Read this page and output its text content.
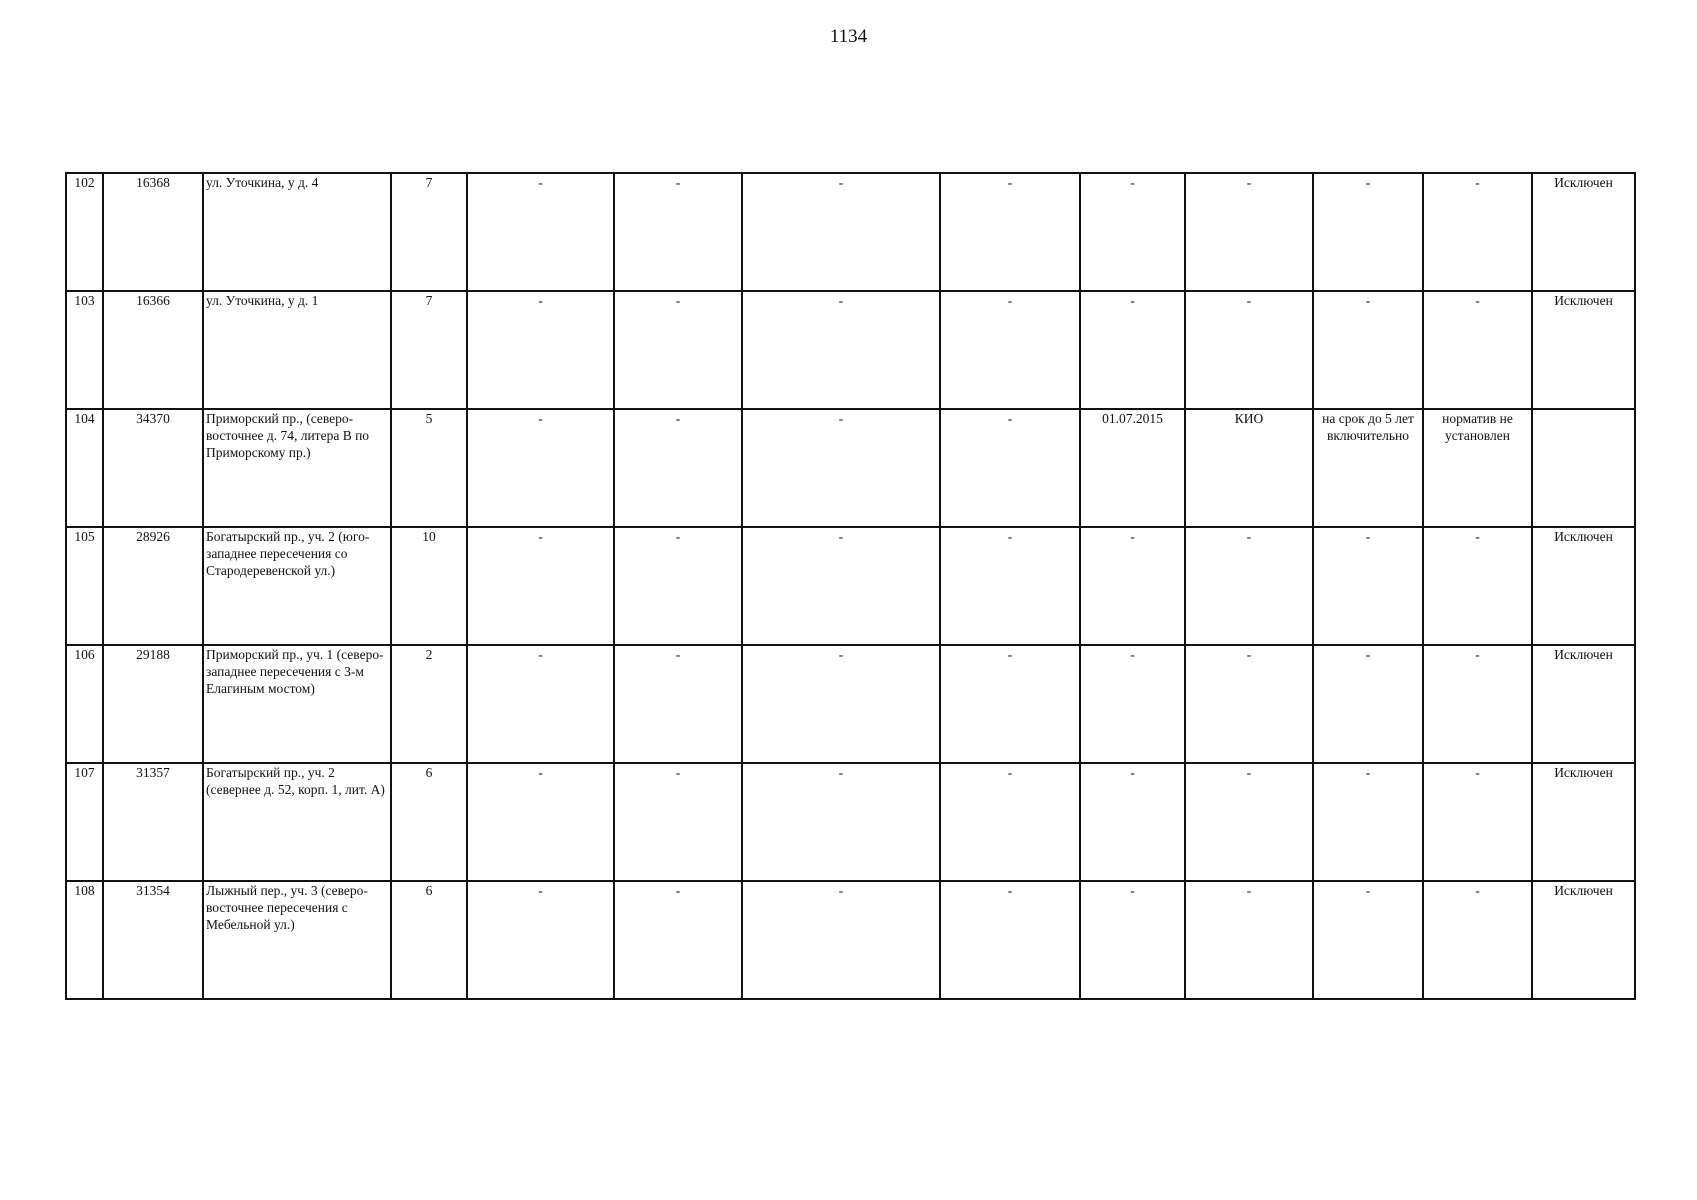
1134
102	16368	ул. Уточкина, у д. 4	7	-	-	-	-	-	-	-	-	Исключен
103	16366	ул. Уточкина, у д. 1	7	-	-	-	-	-	-	-	-	Исключен
104	34370	Приморский пр., (северо-восточнее д. 74, литера В по Приморскому пр.)	5	-	-	-	-	01.07.2015	КИО	на срок до 5 лет включительно	норматив не установлен	
105	28926	Богатырский пр., уч. 2 (юго-западнее пересечения со Стародеревенской ул.)	10	-	-	-	-	-	-	-	-	Исключен
106	29188	Приморский пр., уч. 1 (северо-западнее пересечения с 3-м Елагиным мостом)	2	-	-	-	-	-	-	-	-	Исключен
107	31357	Богатырский пр., уч. 2 (севернее д. 52, корп. 1, лит. А)	6	-	-	-	-	-	-	-	-	Исключен
108	31354	Лыжный пер., уч. 3 (северо-восточнее пересечения с Мебельной ул.)	6	-	-	-	-	-	-	-	-	Исключен
